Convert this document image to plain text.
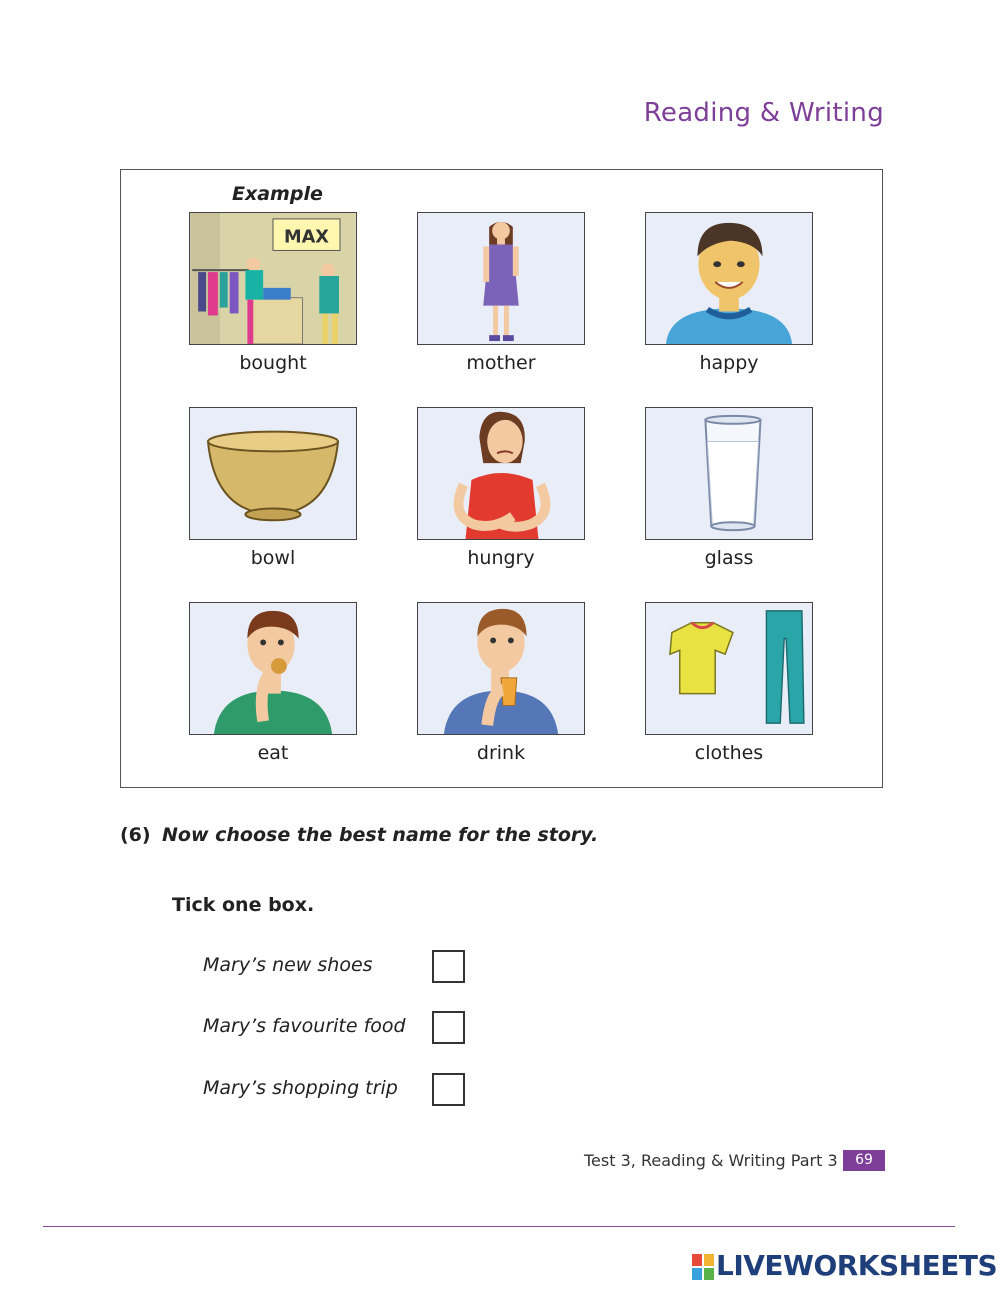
Reading & Writing
Example
MAX
bought	mother	happy
bowl	hungry	glass
eat	drink	clothes
(6) Now choose the best name for the story.
Tick one box.
Mary’s new shoes
Mary’s favourite food
Mary’s shopping trip
Test 3, Reading & Writing Part 3	69
LIVEWORKSHEETS
